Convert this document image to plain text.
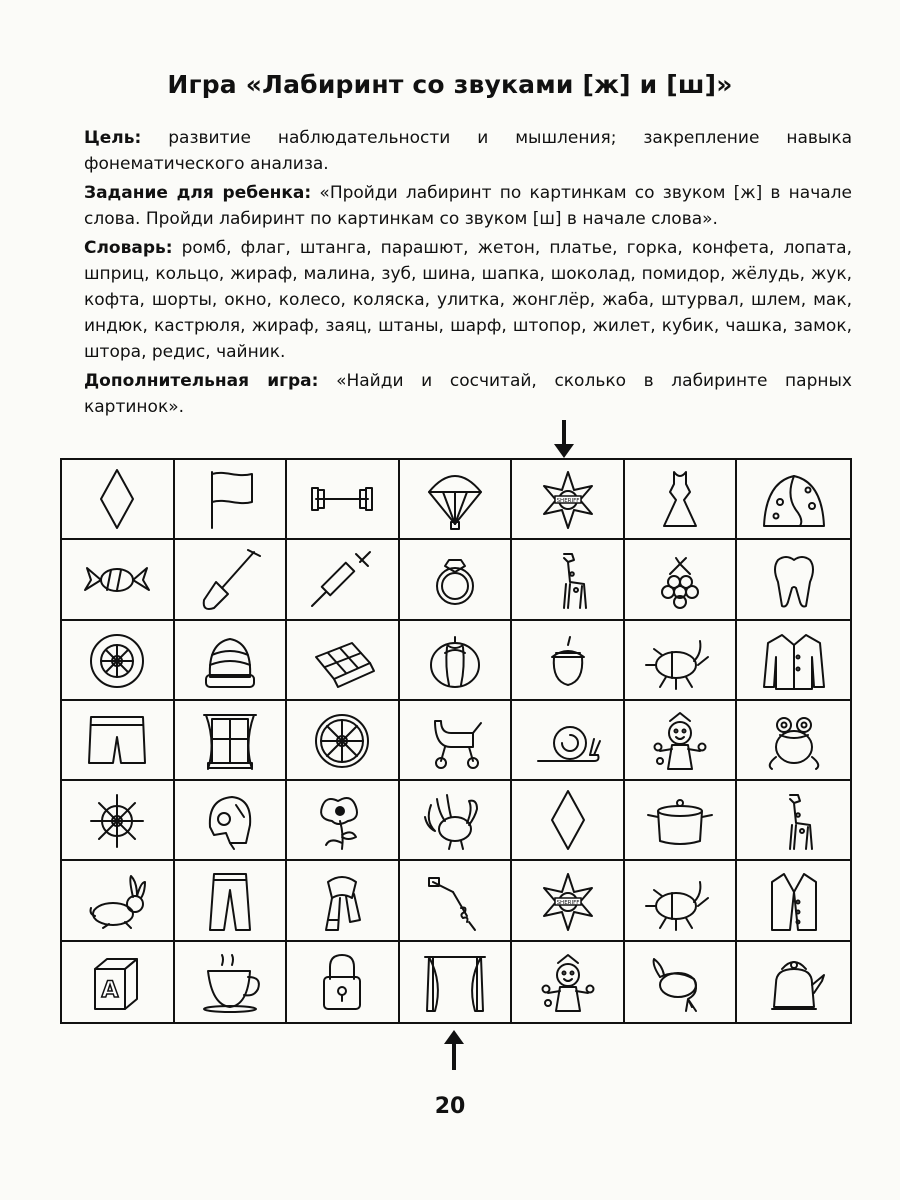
Игра «Лабиринт со звуками [ж] и [ш]»

Цель: развитие наблюдательности и мышления; закрепление навыка фонематического анализа.

Задание для ребенка: «Пройди лабиринт по картинкам со звуком [ж] в начале слова. Пройди лабиринт по картинкам со звуком [ш] в начале слова».

Словарь: ромб, флаг, штанга, парашют, жетон, платье, горка, конфета, лопата, шприц, кольцо, жираф, малина, зуб, шина, шапка, шоколад, помидор, жёлудь, жук, кофта, шорты, окно, колесо, коляска, улитка, жонглёр, жаба, штурвал, шлем, мак, индюк, кастрюля, жираф, заяц, штаны, шарф, штопор, жилет, кубик, чашка, замок, штора, редис, чайник.

Дополнительная игра: «Найди и сосчитай, сколько в лабиринте парных картинок».

SHERIFF
SHERIFF
A
20
